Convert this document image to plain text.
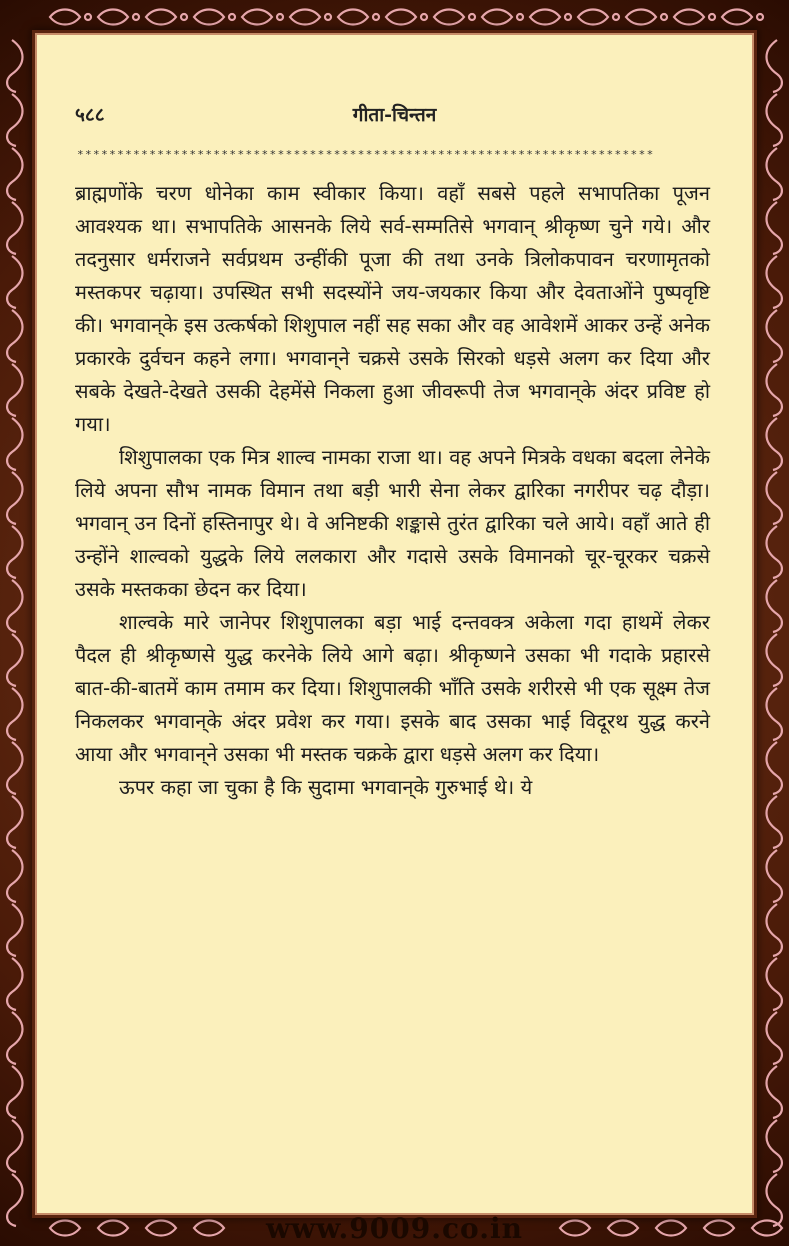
५८८	गीता-चिन्तन
************************************************************************

ब्राह्मणोंके चरण धोनेका काम स्वीकार किया। वहाँ सबसे पहले सभापतिका पूजन आवश्यक था। सभापतिके आसनके लिये सर्व-सम्मतिसे भगवान् श्रीकृष्ण चुने गये। और तदनुसार धर्मराजने सर्वप्रथम उन्हींकी पूजा की तथा उनके त्रिलोकपावन चरणामृतको मस्तकपर चढ़ाया। उपस्थित सभी सदस्योंने जय-जयकार किया और देवताओंने पुष्पवृष्टि की। भगवान्‌के इस उत्कर्षको शिशुपाल नहीं सह सका और वह आवेशमें आकर उन्हें अनेक प्रकारके दुर्वचन कहने लगा। भगवान्‌ने चक्रसे उसके सिरको धड़से अलग कर दिया और सबके देखते-देखते उसकी देहमेंसे निकला हुआ जीवरूपी तेज भगवान्‌के अंदर प्रविष्ट हो गया।

शिशुपालका एक मित्र शाल्व नामका राजा था। वह अपने मित्रके वधका बदला लेनेके लिये अपना सौभ नामक विमान तथा बड़ी भारी सेना लेकर द्वारिका नगरीपर चढ़ दौड़ा। भगवान् उन दिनों हस्तिनापुर थे। वे अनिष्टकी शङ्कासे तुरंत द्वारिका चले आये। वहाँ आते ही उन्होंने शाल्वको युद्धके लिये ललकारा और गदासे उसके विमानको चूर-चूरकर चक्रसे उसके मस्तकका छेदन कर दिया।

शाल्वके मारे जानेपर शिशुपालका बड़ा भाई दन्तवक्त्र अकेला गदा हाथमें लेकर पैदल ही श्रीकृष्णसे युद्ध करनेके लिये आगे बढ़ा। श्रीकृष्णने उसका भी गदाके प्रहारसे बात-की-बातमें काम तमाम कर दिया। शिशुपालकी भाँति उसके शरीरसे भी एक सूक्ष्म तेज निकलकर भगवान्‌के अंदर प्रवेश कर गया। इसके बाद उसका भाई विदूरथ युद्ध करने आया और भगवान्‌ने उसका भी मस्तक चक्रके द्वारा धड़से अलग कर दिया।

ऊपर कहा जा चुका है कि सुदामा भगवान्‌के गुरुभाई थे। ये

www.9009.co.in
